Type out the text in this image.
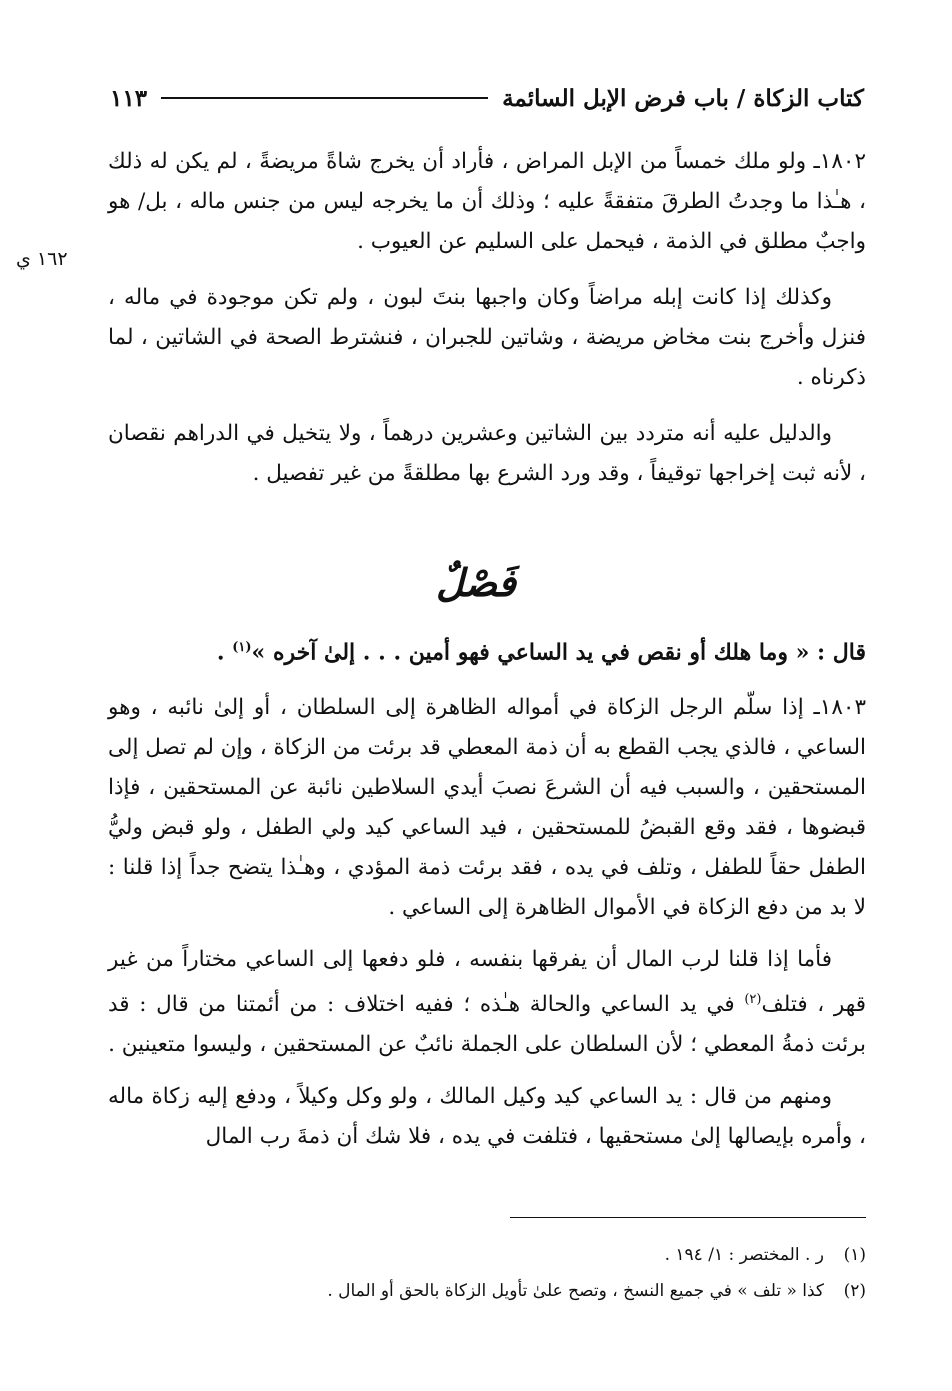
كتاب الزكاة / باب فرض الإبل السائمة
١١٣
١٦٢ ي

١٨٠٢ـ ولو ملك خمساً من الإبل المراض ، فأراد أن يخرج شاةً مريضةً ، لم يكن له ذلك ، هـٰذا ما وجدتُ الطرقَ متفقةً عليه ؛ وذلك أن ما يخرجه ليس من جنس ماله ، بل/ هو واجبٌ مطلق في الذمة ، فيحمل على السليم عن العيوب .

وكذلك إذا كانت إبله مراضاً وكان واجبها بنتَ لبون ، ولم تكن موجودة في ماله ، فنزل وأخرج بنت مخاض مريضة ، وشاتين للجبران ، فنشترط الصحة في الشاتين ، لما ذكرناه .

والدليل عليه أنه متردد بين الشاتين وعشرين درهماً ، ولا يتخيل في الدراهم نقصان ، لأنه ثبت إخراجها توقيفاً ، وقد ورد الشرع بها مطلقةً من غير تفصيل .

فَصْلٌ
قال : « وما هلك أو نقص في يد الساعي فهو أمين . . . إلىٰ آخره »$^{(١)}$ .

١٨٠٣ـ إذا سلّم الرجل الزكاة في أمواله الظاهرة إلى السلطان ، أو إلىٰ نائبه ، وهو الساعي ، فالذي يجب القطع به أن ذمة المعطي قد برئت من الزكاة ، وإن لم تصل إلى المستحقين ، والسبب فيه أن الشرعَ نصبَ أيدي السلاطين نائبة عن المستحقين ، فإذا قبضوها ، فقد وقع القبضُ للمستحقين ، فيد الساعي كيد ولي الطفل ، ولو قبض وليُّ الطفل حقاً للطفل ، وتلف في يده ، فقد برئت ذمة المؤدي ، وهـٰذا يتضح جداً إذا قلنا : لا بد من دفع الزكاة في الأموال الظاهرة إلى الساعي .

فأما إذا قلنا لرب المال أن يفرقها بنفسه ، فلو دفعها إلى الساعي مختاراً من غير قهر ، فتلف$^{(٢)}$ في يد الساعي والحالة هـٰذه ؛ ففيه اختلاف : من أئمتنا من قال : قد برئت ذمةُ المعطي ؛ لأن السلطان على الجملة نائبٌ عن المستحقين ، وليسوا متعينين .

ومنهم من قال : يد الساعي كيد وكيل المالك ، ولو وكل وكيلاً ، ودفع إليه زكاة ماله ، وأمره بإيصالها إلىٰ مستحقيها ، فتلفت في يده ، فلا شك أن ذمةَ رب المال

(١)ر . المختصر : ١/ ١٩٤ .
(٢)كذا « تلف » في جميع النسخ ، وتصح علىٰ تأويل الزكاة بالحق أو المال .
